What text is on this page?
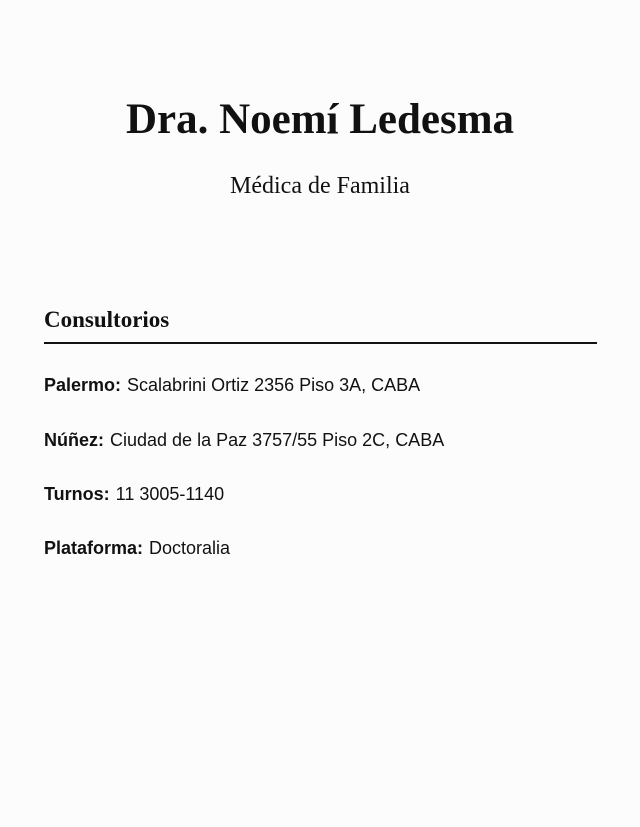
Dra. Noemí Ledesma
Médica de Familia
Consultorios
Palermo: Scalabrini Ortiz 2356 Piso 3A, CABA
Núñez: Ciudad de la Paz 3757/55 Piso 2C, CABA
Turnos: 11 3005-1140
Plataforma: Doctoralia
